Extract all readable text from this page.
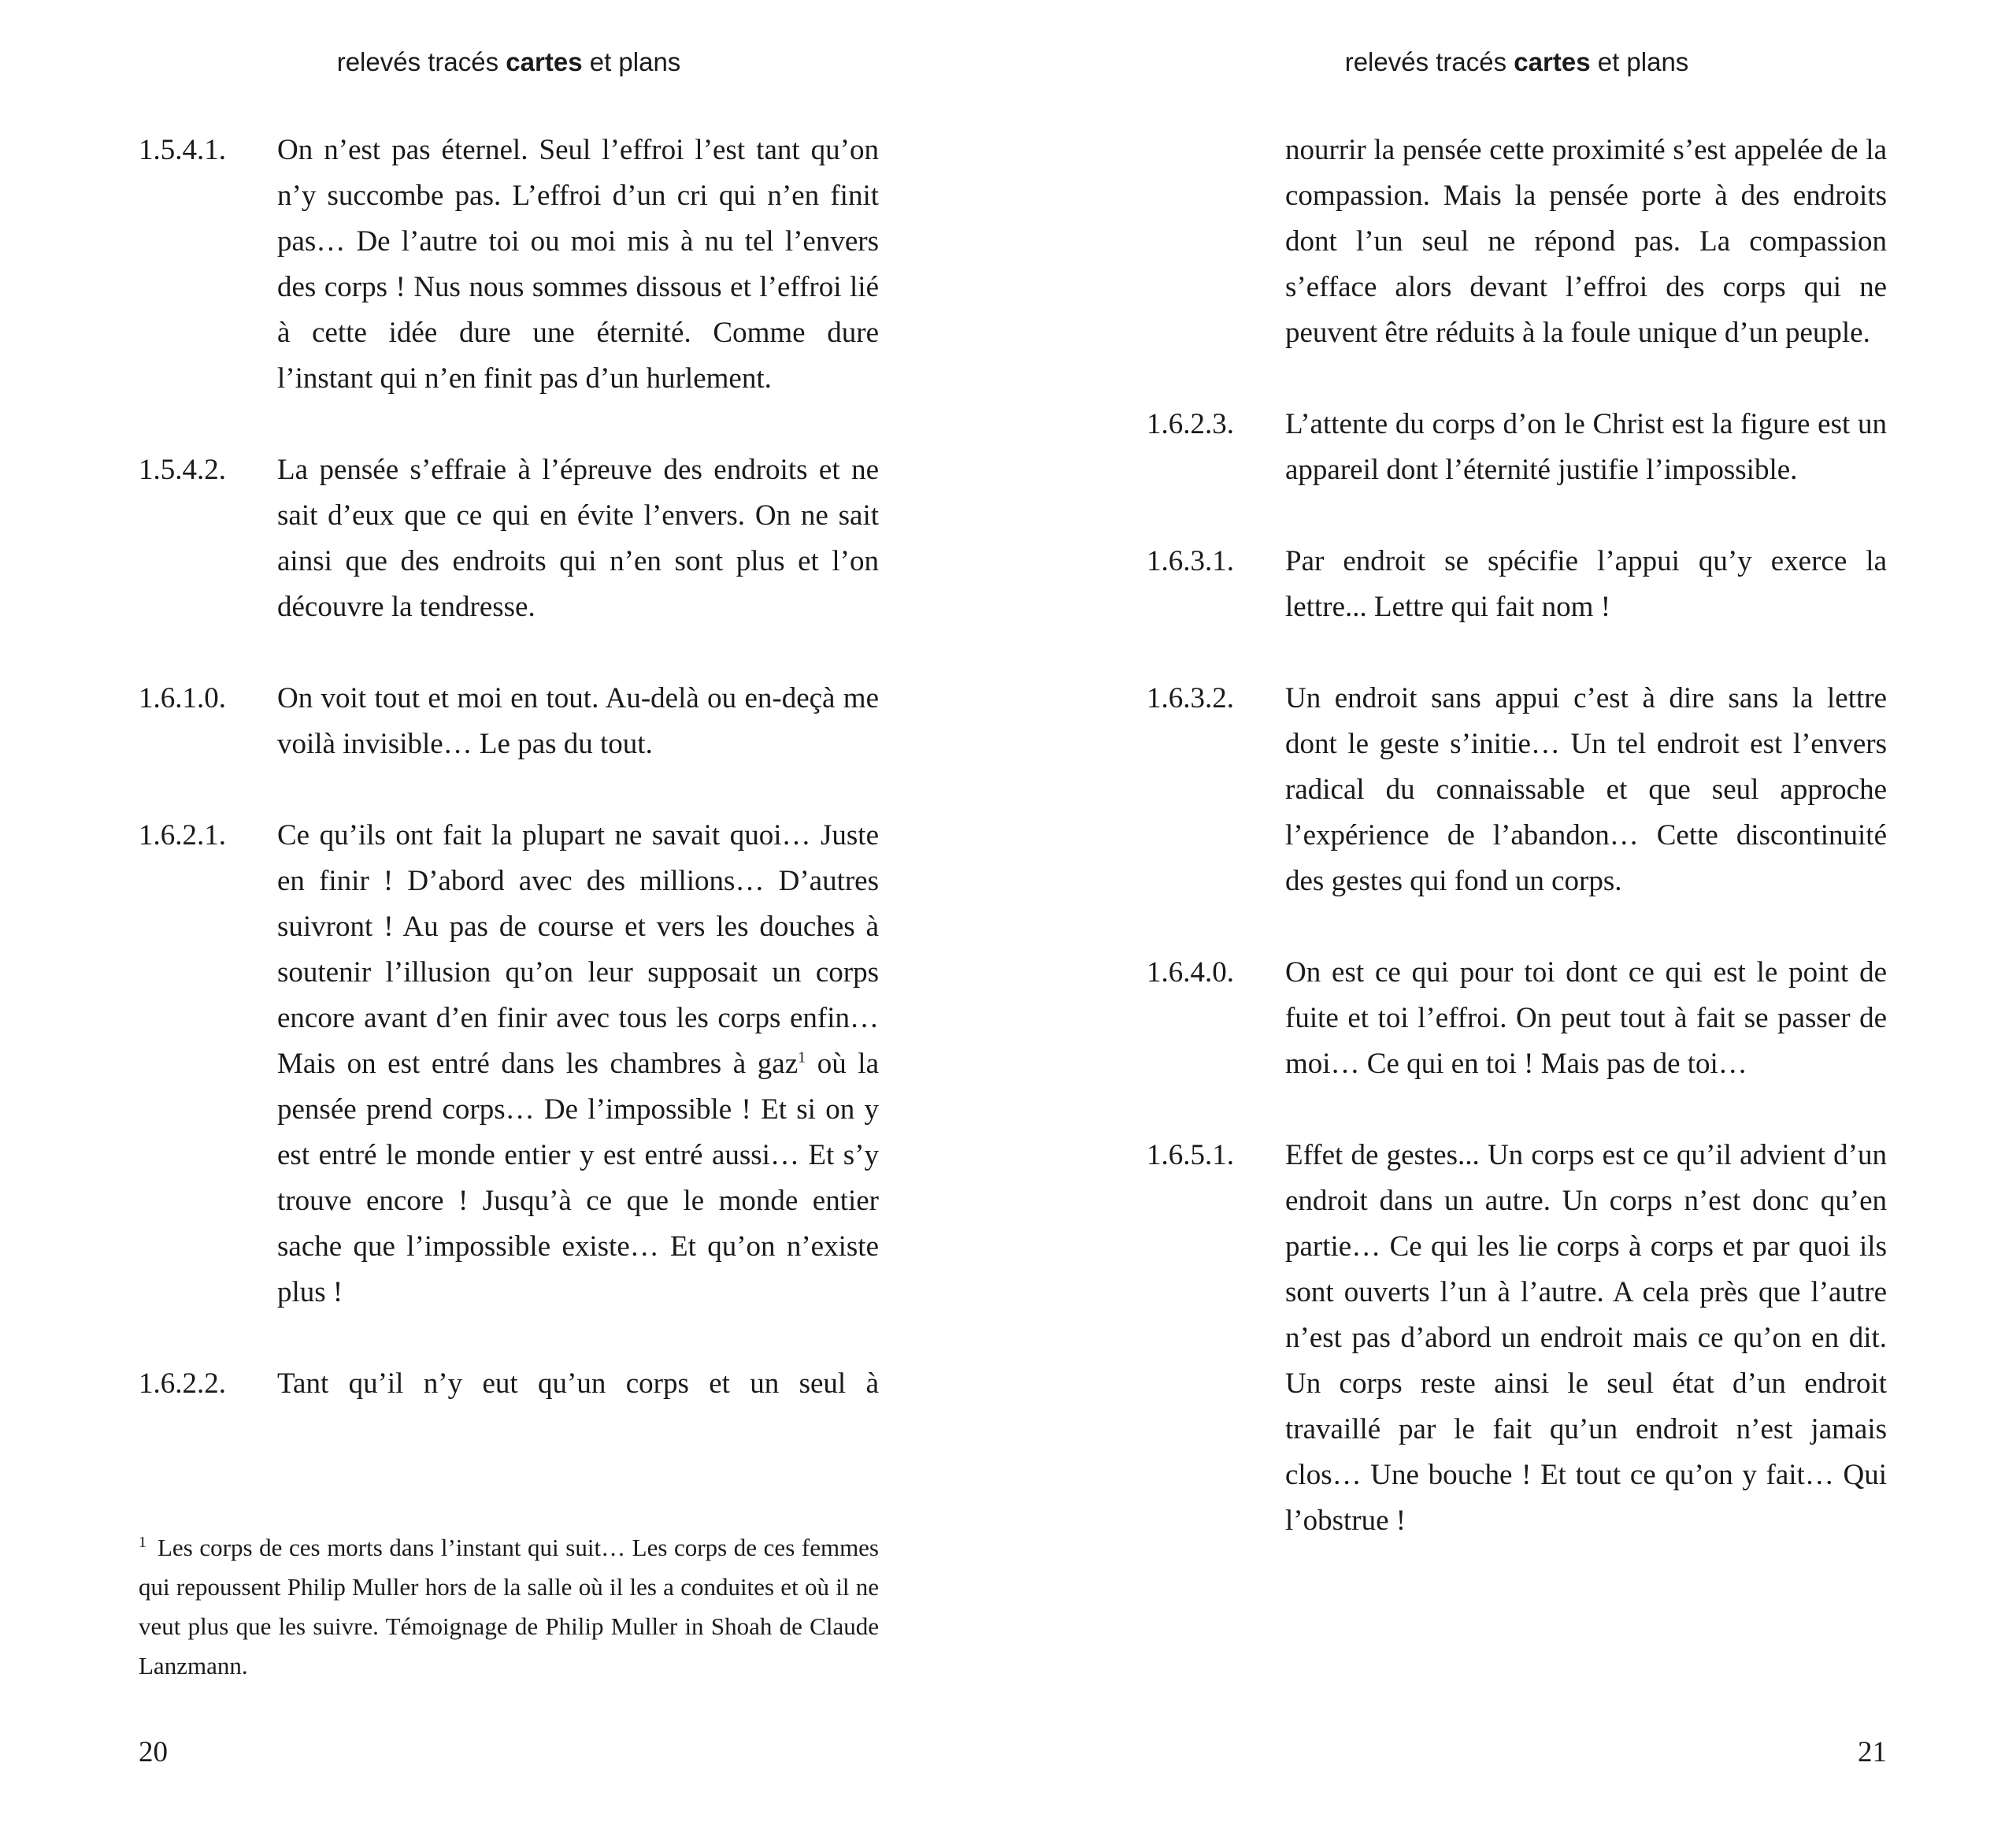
relevés tracés cartes et plans
1.5.4.1.	On n’est pas éternel. Seul l’effroi l’est tant qu’on n’y succombe pas. L’effroi d’un cri qui n’en finit pas… De l’autre toi ou moi mis à nu tel l’envers des corps ! Nus nous sommes dissous et l’effroi lié à cette idée dure une éternité. Comme dure l’instant qui n’en finit pas d’un hurlement.
1.5.4.2.	La pensée s’effraie à l’épreuve des endroits et ne sait d’eux que ce qui en évite l’envers. On ne sait ainsi que des endroits qui n’en sont plus et l’on découvre la tendresse.
1.6.1.0.	On voit tout et moi en tout. Au-delà ou en-deçà me voilà invisible… Le pas du tout.
1.6.2.1.	Ce qu’ils ont fait la plupart ne savait quoi… Juste en finir ! D’abord avec des millions… D’autres suivront ! Au pas de course et vers les douches à soutenir l’illusion qu’on leur supposait un corps encore avant d’en finir avec tous les corps enfin… Mais on est entré dans les chambres à gaz$^1$ où la pensée prend corps… De l’impossible ! Et si on y est entré le monde entier y est entré aussi… Et s’y trouve encore ! Jusqu’à ce que le monde entier sache que l’impossible existe… Et qu’on n’existe plus !
1.6.2.2.	Tant qu’il n’y eut qu’un corps et un seul à
$^1$ Les corps de ces morts dans l’instant qui suit… Les corps de ces femmes qui repoussent Philip Muller hors de la salle où il les a conduites et où il ne veut plus que les suivre. Témoignage de Philip Muller in Shoah de Claude Lanzmann.
20
relevés tracés cartes et plans
nourrir la pensée cette proximité s’est appelée de la compassion. Mais la pensée porte à des endroits dont l’un seul ne répond pas. La compassion s’efface alors devant l’effroi des corps qui ne peuvent être réduits à la foule unique d’un peuple.
1.6.2.3.	L’attente du corps d’on le Christ est la figure est un appareil dont l’éternité justifie l’impossible.
1.6.3.1.	Par endroit se spécifie l’appui qu’y exerce la lettre... Lettre qui fait nom !
1.6.3.2.	Un endroit sans appui c’est à dire sans la lettre dont le geste s’initie… Un tel endroit est l’envers radical du connaissable et que seul approche l’expérience de l’abandon… Cette discontinuité des gestes qui fond un corps.
1.6.4.0.	On est ce qui pour toi dont ce qui est le point de fuite et toi l’effroi. On peut tout à fait se passer de moi… Ce qui en toi ! Mais pas de toi…
1.6.5.1.	Effet de gestes... Un corps est ce qu’il advient d’un endroit dans un autre. Un corps n’est donc qu’en partie… Ce qui les lie corps à corps et par quoi ils sont ouverts l’un à l’autre. A cela près que l’autre n’est pas d’abord un endroit mais ce qu’on en dit. Un corps reste ainsi le seul état d’un endroit travaillé par le fait qu’un endroit n’est jamais clos… Une bouche ! Et tout ce qu’on y fait… Qui l’obstrue !
21
